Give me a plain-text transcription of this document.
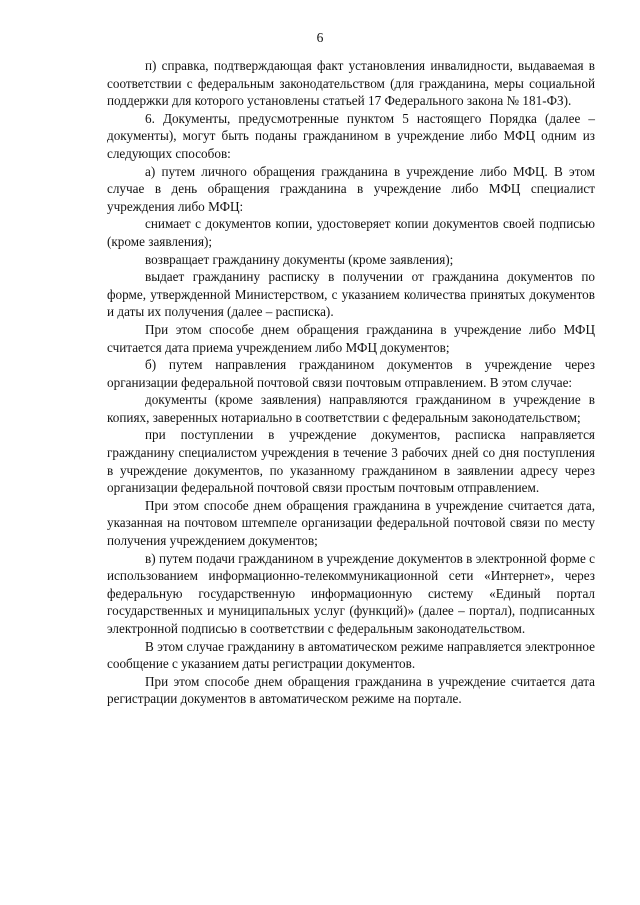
6

п) справка, подтверждающая факт установления инвалидности, выдаваемая в соответствии с федеральным законодательством (для гражданина, меры социальной поддержки для которого установлены статьей 17 Федерального закона № 181-ФЗ).

6. Документы, предусмотренные пунктом 5 настоящего Порядка (далее – документы), могут быть поданы гражданином в учреждение либо МФЦ одним из следующих способов:

а) путем личного обращения гражданина в учреждение либо МФЦ. В этом случае в день обращения гражданина в учреждение либо МФЦ специалист учреждения либо МФЦ:

снимает с документов копии, удостоверяет копии документов своей подписью (кроме заявления);

возвращает гражданину документы (кроме заявления);

выдает гражданину расписку в получении от гражданина документов по форме, утвержденной Министерством, с указанием количества принятых документов и даты их получения (далее – расписка).

При этом способе днем обращения гражданина в учреждение либо МФЦ считается дата приема учреждением либо МФЦ документов;

б) путем направления гражданином документов в учреждение через организации федеральной почтовой связи почтовым отправлением. В этом случае:

документы (кроме заявления) направляются гражданином в учреждение в копиях, заверенных нотариально в соответствии с федеральным законодательством;

при поступлении в учреждение документов, расписка направляется гражданину специалистом учреждения в течение 3 рабочих дней со дня поступления в учреждение документов, по указанному гражданином в заявлении адресу через организации федеральной почтовой связи простым почтовым отправлением.

При этом способе днем обращения гражданина в учреждение считается дата, указанная на почтовом штемпеле организации федеральной почтовой связи по месту получения учреждением документов;

в) путем подачи гражданином в учреждение документов в электронной форме с использованием информационно-телекоммуникационной сети «Интернет», через федеральную государственную информационную систему «Единый портал государственных и муниципальных услуг (функций)» (далее – портал), подписанных электронной подписью в соответствии с федеральным законодательством.

В этом случае гражданину в автоматическом режиме направляется электронное сообщение с указанием даты регистрации документов.

При этом способе днем обращения гражданина в учреждение считается дата регистрации документов в автоматическом режиме на портале.
